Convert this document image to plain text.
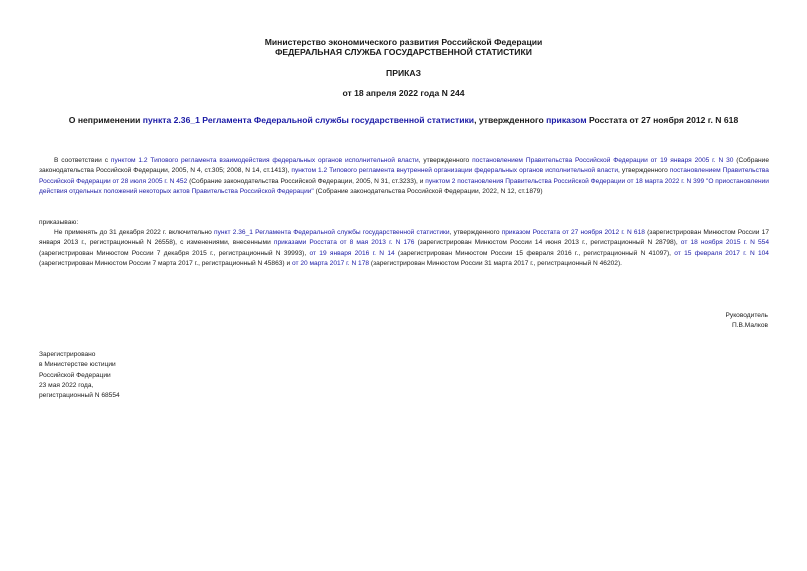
Министерство экономического развития Российской Федерации
ФЕДЕРАЛЬНАЯ СЛУЖБА ГОСУДАРСТВЕННОЙ СТАТИСТИКИ
ПРИКАЗ
от 18 апреля 2022 года N 244
О неприменении пункта 2.36_1 Регламента Федеральной службы государственной статистики, утвержденного приказом Росстата от 27 ноября 2012 г. N 618

В соответствии с пунктом 1.2 Типового регламента взаимодействия федеральных органов исполнительной власти, утвержденного постановлением Правительства Российской Федерации от 19 января 2005 г. N 30 (Собрание законодательства Российской Федерации, 2005, N 4, ст.305; 2008, N 14, ст.1413), пунктом 1.2 Типового регламента внутренней организации федеральных органов исполнительной власти, утвержденного постановлением Правительства Российской Федерации от 28 июля 2005 г. N 452 (Собрание законодательства Российской Федерации, 2005, N 31, ст.3233), и пунктом 2 постановления Правительства Российской Федерации от 18 марта 2022 г. N 399 "О приостановлении действия отдельных положений некоторых актов Правительства Российской Федерации" (Собрание законодательства Российской Федерации, 2022, N 12, ст.1879)

приказываю:

Не применять до 31 декабря 2022 г. включительно пункт 2.36_1 Регламента Федеральной службы государственной статистики, утвержденного приказом Росстата от 27 ноября 2012 г. N 618 (зарегистрирован Минюстом России 17 января 2013 г., регистрационный N 26558), с изменениями, внесенными приказами Росстата от 8 мая 2013 г. N 176 (зарегистрирован Минюстом России 14 июня 2013 г., регистрационный N 28798), от 18 ноября 2015 г. N 554 (зарегистрирован Минюстом России 7 декабря 2015 г., регистрационный N 39993), от 19 января 2016 г. N 14 (зарегистрирован Минюстом России 15 февраля 2016 г., регистрационный N 41097), от 15 февраля 2017 г. N 104 (зарегистрирован Минюстом России 7 марта 2017 г., регистрационный N 45863) и от 20 марта 2017 г. N 178 (зарегистрирован Минюстом России 31 марта 2017 г., регистрационный N 46202).

Руководитель
П.В.Малков
Зарегистрировано
в Министерстве юстиции
Российской Федерации
23 мая 2022 года,
регистрационный N 68554
